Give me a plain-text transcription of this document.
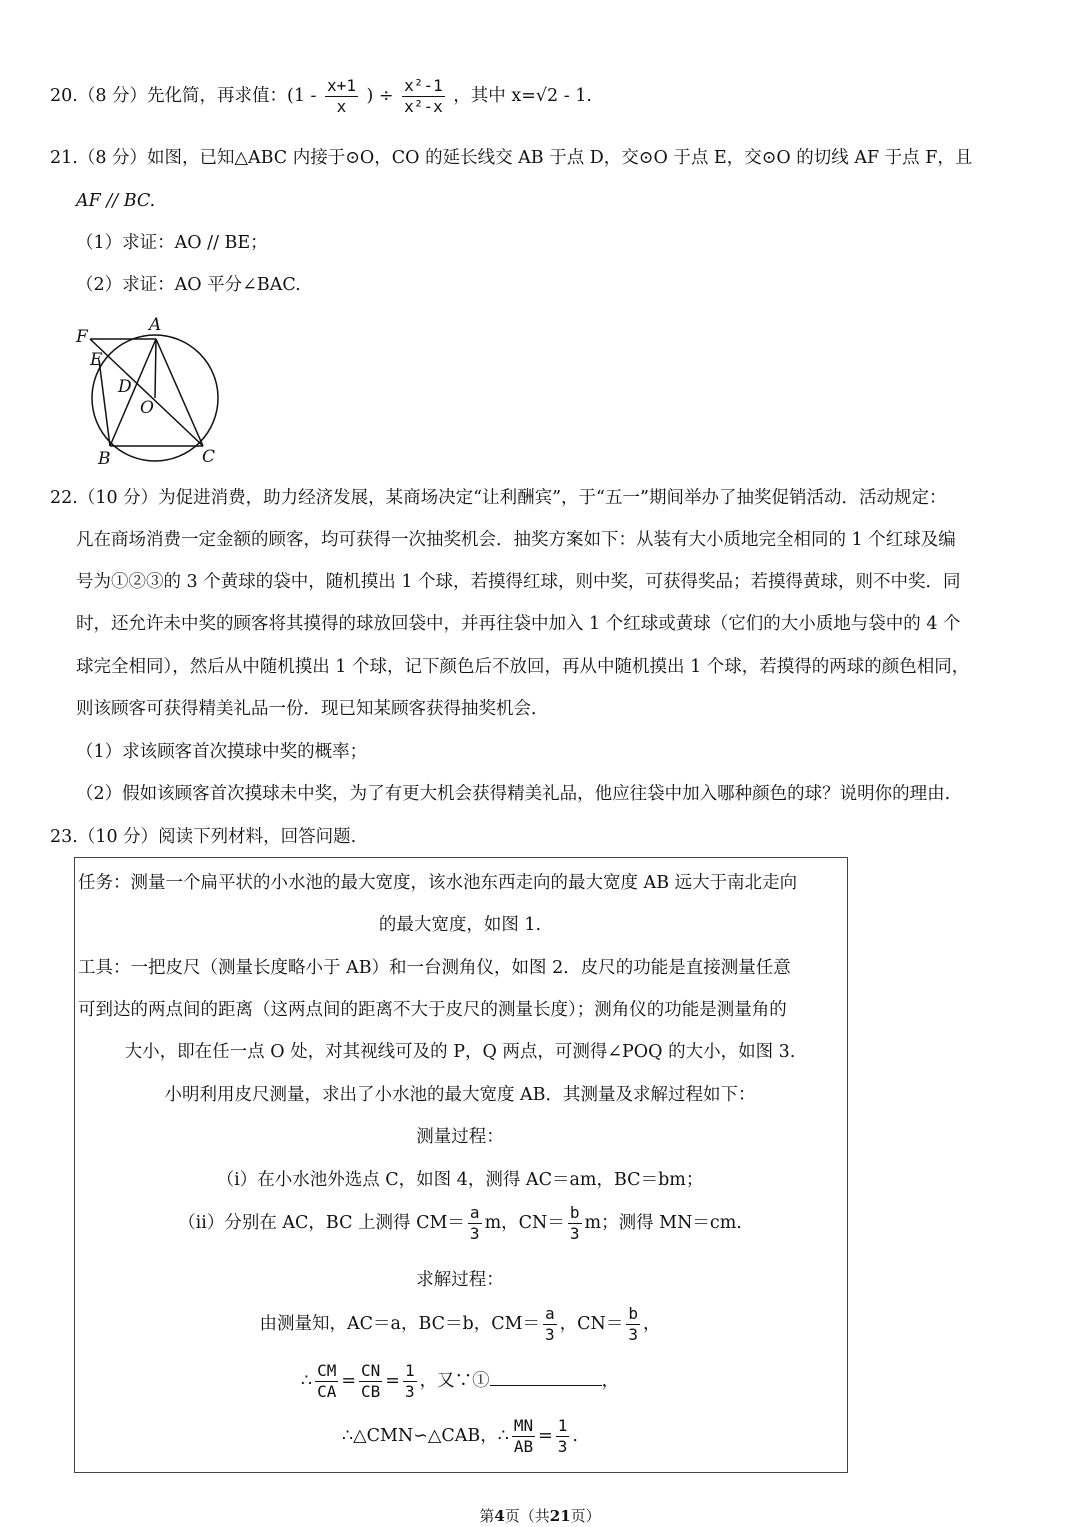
20.（8 分）先化简，再求值：($1 - \frac{x+1}{x}$ ) ÷ $\frac{\text{x²-1}}{\text{x²-x}}$ ，其中 x=√2 - 1.
21.（8 分）如图，已知△ABC 内接于⊙O，CO 的延长线交 AB 于点 D，交⊙O 于点 E，交⊙O 的切线 AF 于点 F，且
AF // BC.
（1）求证：AO // BE；
（2）求证：AO 平分∠BAC.
A
F
E
D
O
B	C
22.（10 分）为促进消费，助力经济发展，某商场决定“让利酬宾”，于“五一”期间举办了抽奖促销活动．活动规定：
凡在商场消费一定金额的顾客，均可获得一次抽奖机会．抽奖方案如下：从装有大小质地完全相同的 1 个红球及编
号为①②③的 3 个黄球的袋中，随机摸出 1 个球，若摸得红球，则中奖，可获得奖品；若摸得黄球，则不中奖．同
时，还允许未中奖的顾客将其摸得的球放回袋中，并再往袋中加入 1 个红球或黄球（它们的大小质地与袋中的 4 个
球完全相同），然后从中随机摸出 1 个球，记下颜色后不放回，再从中随机摸出 1 个球，若摸得的两球的颜色相同，
则该顾客可获得精美礼品一份．现已知某顾客获得抽奖机会．
（1）求该顾客首次摸球中奖的概率；
（2）假如该顾客首次摸球未中奖，为了有更大机会获得精美礼品，他应往袋中加入哪种颜色的球？说明你的理由.
23.（10 分）阅读下列材料，回答问题.
任务：测量一个扁平状的小水池的最大宽度，该水池东西走向的最大宽度 AB 远大于南北走向
的最大宽度，如图 1.
工具：一把皮尺（测量长度略小于 AB）和一台测角仪，如图 2．皮尺的功能是直接测量任意
可到达的两点间的距离（这两点间的距离不大于皮尺的测量长度）；测角仪的功能是测量角的
大小，即在任一点 O 处，对其视线可及的 P，Q 两点，可测得∠POQ 的大小，如图 3.
小明利用皮尺测量，求出了小水池的最大宽度 AB．其测量及求解过程如下：
测量过程：
（ⅰ）在小水池外选点 C，如图 4，测得 AC＝am，BC＝bm；
（ⅱ）分别在 AC，BC 上测得 $CM= \frac{a}{3}$ m，$CN= \frac{b}{3}$ m；测得 MN＝cm.
求解过程：
由测量知，AC＝a，BC＝b，$CM= \frac{a}{3}$ ，$CN= \frac{b}{3}$ ，
∴ $\frac{CM}{CA} = \frac{CN}{CB} = \frac{1}{3}$ ，又∵①	，
∴△CMN∽△CAB，∴ $\frac{MN}{AB} = \frac{1}{3}$ .
第4页（共21页）
